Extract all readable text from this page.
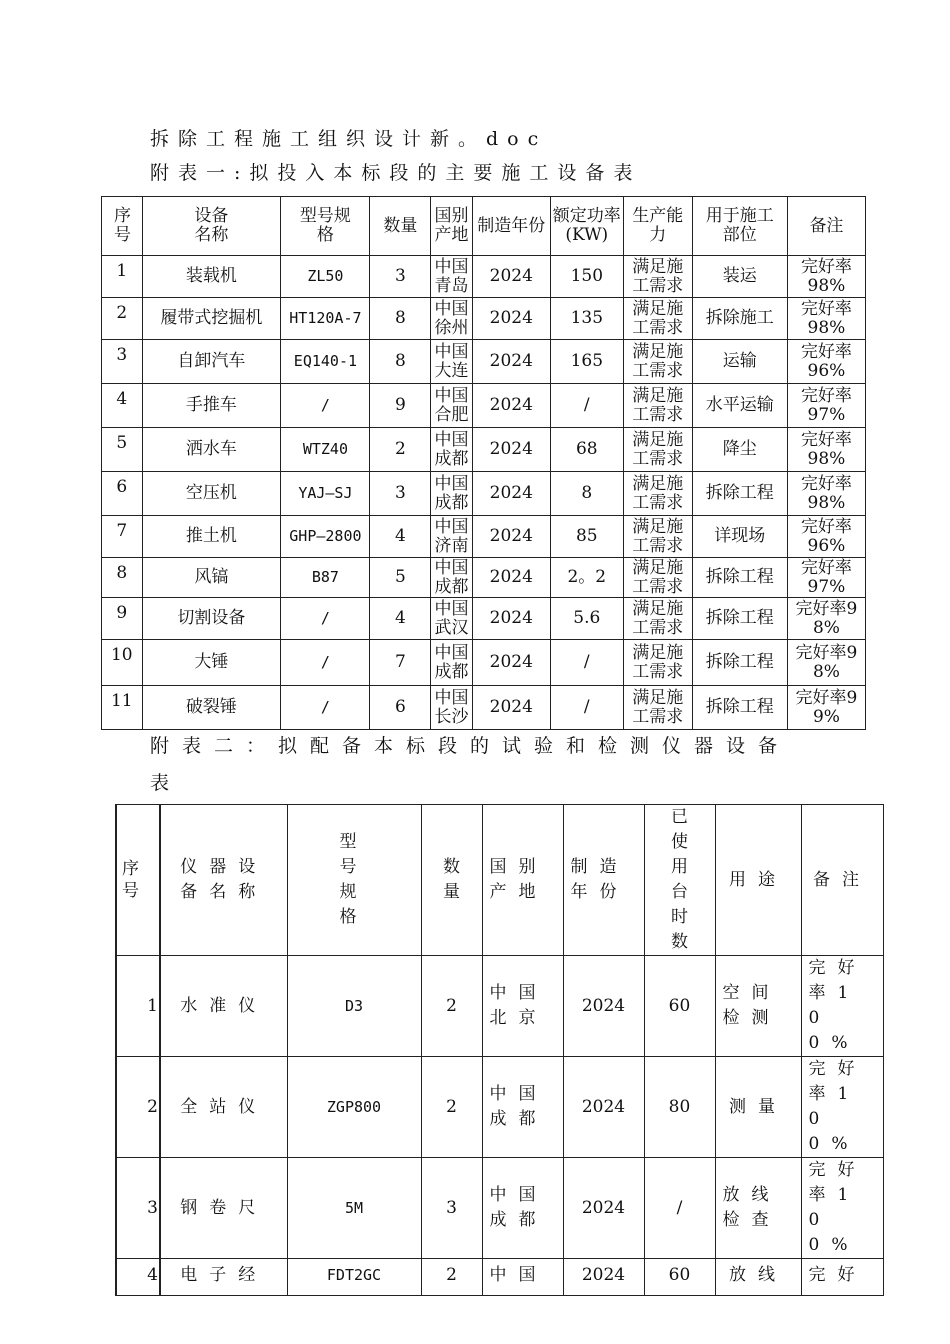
拆除工程施工组织设计新。doc
附表一:拟投入本标段的主要施工设备表
序号	设备名称	型号规格	数量	国别产地	制造年份	额定功率(KW)	生产能力	用于施工部位	备注
1	装载机	ZL50	3	中国青岛	2024	150	满足施工需求	装运	完好率98%
2	履带式挖掘机	HT120A-7	8	中国徐州	2024	135	满足施工需求	拆除施工	完好率98%
3	自卸汽车	EQ140-1	8	中国大连	2024	165	满足施工需求	运输	完好率96%
4	手推车	/	9	中国合肥	2024	/	满足施工需求	水平运输	完好率97%
5	洒水车	WTZ40	2	中国成都	2024	68	满足施工需求	降尘	完好率98%
6	空压机	YAJ—SJ	3	中国成都	2024	8	满足施工需求	拆除工程	完好率98%
7	推土机	GHP—2800	4	中国济南	2024	85	满足施工需求	详现场	完好率96%
8	风镐	B87	5	中国成都	2024	2。2	满足施工需求	拆除工程	完好率97%
9	切割设备	/	4	中国武汉	2024	5.6	满足施工需求	拆除工程	完好率98%
10	大锤	/	7	中国成都	2024	/	满足施工需求	拆除工程	完好率98%
11	破裂锤	/	6	中国长沙	2024	/	满足施工需求	拆除工程	完好率99%
附表二：拟配备本标段的试验和检测仪器设备
表
序号	仪器设备名称	型号规格	数量	国别产地	制造年份	已使用台时数	用途	备注
1	水准仪	D3	2	中国北京	2024	60	空间检测	完好率100%
2	全站仪	ZGP800	2	中国成都	2024	80	测量	完好率100%
3	钢卷尺	5M	3	中国成都	2024	/	放线检查	完好率100%
4	电子经	FDT2GC	2	中国	2024	60	放线	完好
